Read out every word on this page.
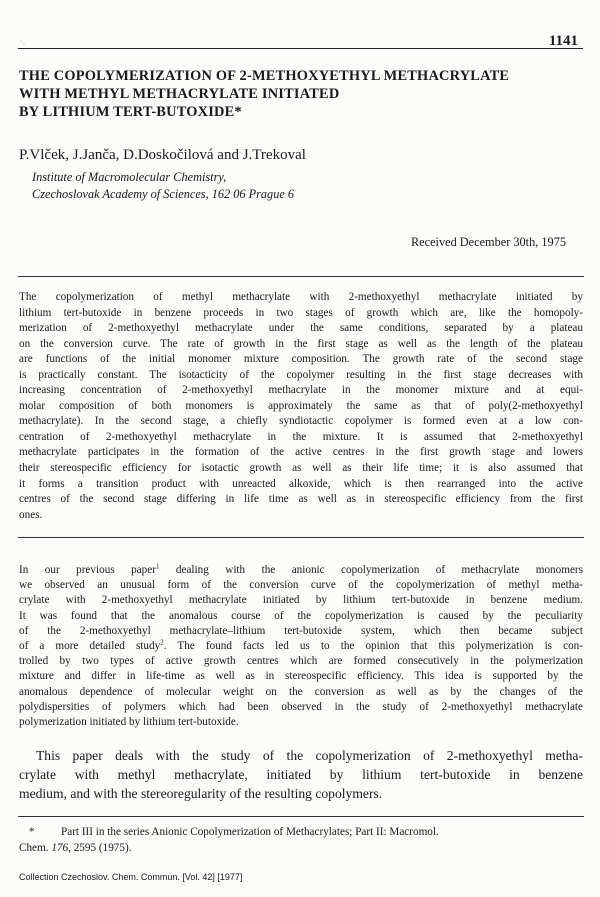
`·	1141
THE COPOLYMERIZATION OF 2-METHOXYETHYL METHACRYLATE
WITH METHYL METHACRYLATE INITIATED
BY LITHIUM TERT-BUTOXIDE*
P.Vlček, J.Janča, D.Doskočilová and J.Trekoval
Institute of Macromolecular Chemistry,
Czechoslovak Academy of Sciences, 162 06 Prague 6
Received December 30th, 1975
The copolymerization of methyl methacrylate with 2-methoxyethyl methacrylate initiated by
lithium tert-butoxide in benzene proceeds in two stages of growth which are, like the homopoly-
merization of 2-methoxyethyl methacrylate under the same conditions, separated by a plateau
on the conversion curve. The rate of growth in the first stage as well as the length of the plateau
are functions of the initial monomer mixture composition. The growth rate of the second stage
is practically constant. The isotacticity of the copolymer resulting in the first stage decreases with
increasing concentration of 2-methoxyethyl methacrylate in the monomer mixture and at equi-
molar composition of both monomers is approximately the same as that of poly(2-methoxyethyl
methacrylate). In the second stage, a chiefly syndiotactic copolymer is formed even at a low con-
centration of 2-methoxyethyl methacrylate in the mixture. It is assumed that 2-methoxyethyl
methacrylate participates in the formation of the active centres in the first growth stage and lowers
their stereospecific efficiency for isotactic growth as well as their life time; it is also assumed that
it forms a transition product with unreacted alkoxide, which is then rearranged into the active
centres of the second stage differing in life time as well as in stereospecific efficiency from the first
ones.
In our previous paper$^1$ dealing with the anionic copolymerization of methacrylate monomers
we observed an unusual form of the conversion curve of the copolymerization of methyl metha-
crylate with 2-methoxyethyl methacrylate initiated by lithium tert-butoxide in benzene medium.
It was found that the anomalous course of the copolymerization is caused by the peculiarity
of the 2-methoxyethyl methacrylate–lithium tert-butoxide system, which then became subject
of a more detailed study$^2$. The found facts led us to the opinion that this polymerization is con-
trolled by two types of active growth centres which are formed consecutively in the polymerization
mixture and differ in life-time as well as in stereospecific efficiency. This idea is supported by the
anomalous dependence of molecular weight on the conversion as well as by the changes of the
polydispersities of polymers which had been observed in the study of 2-methoxyethyl methacrylate
polymerization initiated by lithium tert-butoxide.
This paper deals with the study of the copolymerization of 2-methoxyethyl metha-
crylate with methyl methacrylate, initiated by lithium tert-butoxide in benzene
medium, and with the stereoregularity of the resulting copolymers.
* Part III in the series Anionic Copolymerization of Methacrylates; Part II: Macromol.
Chem. 176, 2595 (1975).
Collection Czechoslov. Chem. Commun. [Vol. 42] [1977]
